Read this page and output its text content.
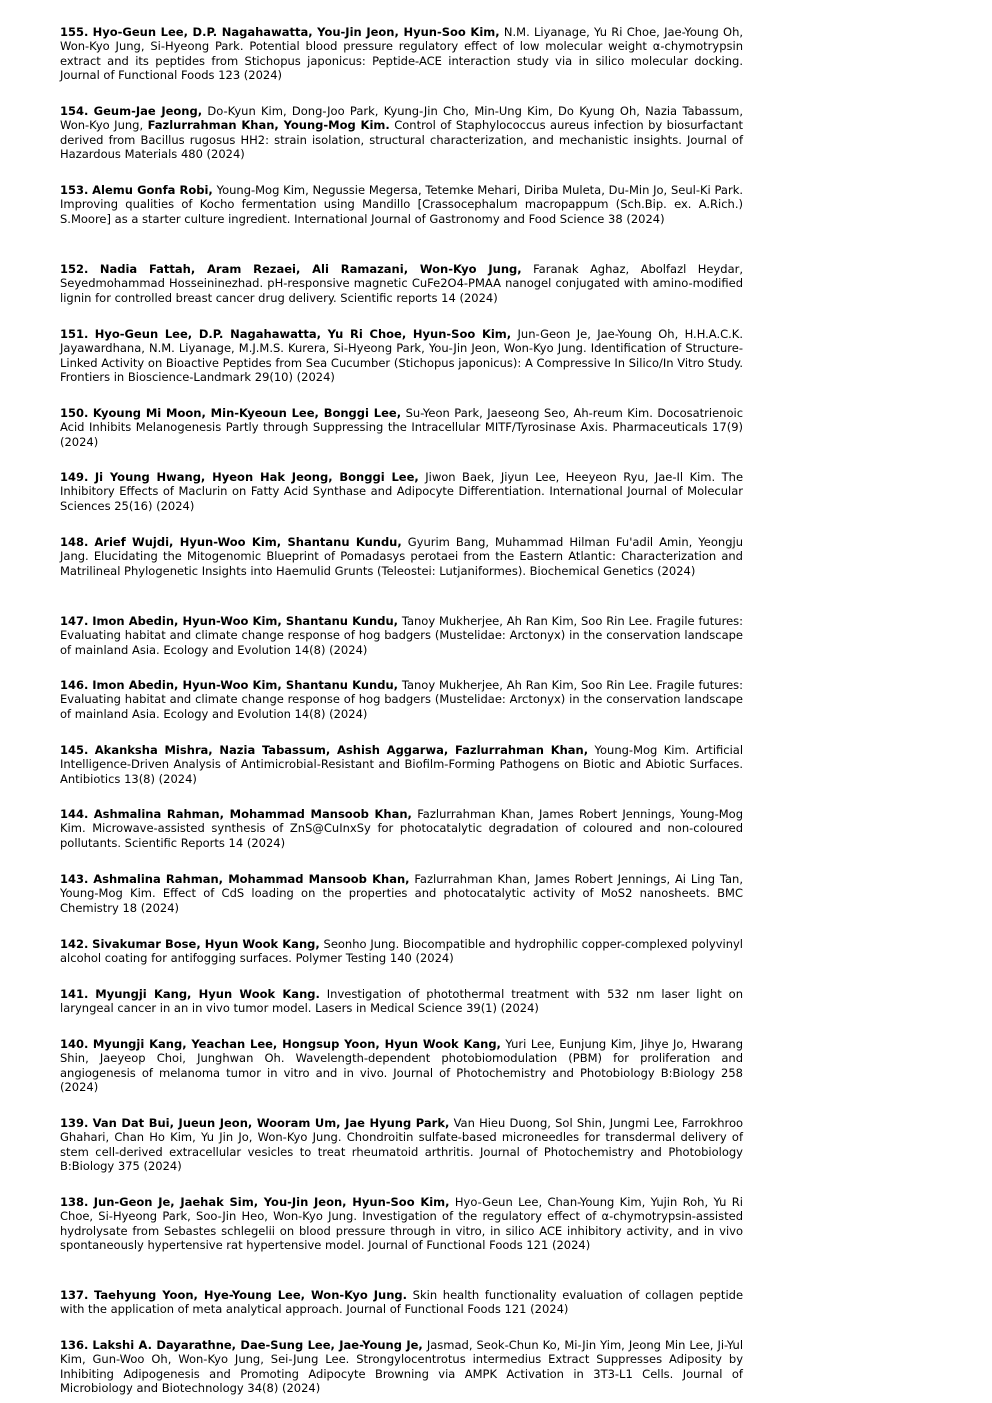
155. Hyo-Geun Lee, D.P. Nagahawatta, You-Jin Jeon, Hyun-Soo Kim, N.M. Liyanage, Yu Ri Choe, Jae-Young Oh, Won-Kyo Jung, Si-Hyeong Park. Potential blood pressure regulatory effect of low molecular weight α-chymotrypsin extract and its peptides from Stichopus japonicus: Peptide-ACE interaction study via in silico molecular docking. Journal of Functional Foods 123 (2024)

154. Geum-Jae Jeong, Do-Kyun Kim, Dong-Joo Park, Kyung-Jin Cho, Min-Ung Kim, Do Kyung Oh, Nazia Tabassum, Won-Kyo Jung, Fazlurrahman Khan, Young-Mog Kim. Control of Staphylococcus aureus infection by biosurfactant derived from Bacillus rugosus HH2: strain isolation, structural characterization, and mechanistic insights. Journal of Hazardous Materials 480 (2024)

153. Alemu Gonfa Robi, Young-Mog Kim, Negussie Megersa, Tetemke Mehari, Diriba Muleta, Du-Min Jo, Seul-Ki Park. Improving qualities of Kocho fermentation using Mandillo [Crassocephalum macropappum (Sch.Bip. ex. A.Rich.) S.Moore] as a starter culture ingredient. International Journal of Gastronomy and Food Science 38 (2024)

152. Nadia Fattah, Aram Rezaei, Ali Ramazani, Won-Kyo Jung, Faranak Aghaz, Abolfazl Heydar, Seyedmohammad Hosseininezhad. pH-responsive magnetic CuFe2O4-PMAA nanogel conjugated with amino-modified lignin for controlled breast cancer drug delivery. Scientific reports 14 (2024)

151. Hyo-Geun Lee, D.P. Nagahawatta, Yu Ri Choe, Hyun-Soo Kim, Jun-Geon Je, Jae-Young Oh, H.H.A.C.K. Jayawardhana, N.M. Liyanage, M.J.M.S. Kurera, Si-Hyeong Park, You-Jin Jeon, Won-Kyo Jung. Identification of Structure-Linked Activity on Bioactive Peptides from Sea Cucumber (Stichopus japonicus): A Compressive In Silico/In Vitro Study. Frontiers in Bioscience-Landmark 29(10) (2024)

150. Kyoung Mi Moon, Min-Kyeoun Lee, Bonggi Lee, Su-Yeon Park, Jaeseong Seo, Ah-reum Kim. Docosatrienoic Acid Inhibits Melanogenesis Partly through Suppressing the Intracellular MITF/Tyrosinase Axis. Pharmaceuticals 17(9) (2024)

149. Ji Young Hwang, Hyeon Hak Jeong, Bonggi Lee, Jiwon Baek, Jiyun Lee, Heeyeon Ryu, Jae-Il Kim. The Inhibitory Effects of Maclurin on Fatty Acid Synthase and Adipocyte Differentiation. International Journal of Molecular Sciences 25(16) (2024)

148. Arief Wujdi, Hyun-Woo Kim, Shantanu Kundu, Gyurim Bang, Muhammad Hilman Fu'adil Amin, Yeongju Jang. Elucidating the Mitogenomic Blueprint of Pomadasys perotaei from the Eastern Atlantic: Characterization and Matrilineal Phylogenetic Insights into Haemulid Grunts (Teleostei: Lutjaniformes). Biochemical Genetics (2024)

147. Imon Abedin, Hyun-Woo Kim, Shantanu Kundu, Tanoy Mukherjee, Ah Ran Kim, Soo Rin Lee. Fragile futures: Evaluating habitat and climate change response of hog badgers (Mustelidae: Arctonyx) in the conservation landscape of mainland Asia. Ecology and Evolution 14(8) (2024)

146. Imon Abedin, Hyun-Woo Kim, Shantanu Kundu, Tanoy Mukherjee, Ah Ran Kim, Soo Rin Lee. Fragile futures: Evaluating habitat and climate change response of hog badgers (Mustelidae: Arctonyx) in the conservation landscape of mainland Asia. Ecology and Evolution 14(8) (2024)

145. Akanksha Mishra, Nazia Tabassum, Ashish Aggarwa, Fazlurrahman Khan, Young-Mog Kim. Artificial Intelligence-Driven Analysis of Antimicrobial-Resistant and Biofilm-Forming Pathogens on Biotic and Abiotic Surfaces. Antibiotics 13(8) (2024)

144. Ashmalina Rahman, Mohammad Mansoob Khan, Fazlurrahman Khan, James Robert Jennings, Young-Mog Kim. Microwave-assisted synthesis of ZnS@CuInxSy for photocatalytic degradation of coloured and non-coloured pollutants. Scientific Reports 14 (2024)

143. Ashmalina Rahman, Mohammad Mansoob Khan, Fazlurrahman Khan, James Robert Jennings, Ai Ling Tan, Young-Mog Kim. Effect of CdS loading on the properties and photocatalytic activity of MoS2 nanosheets. BMC Chemistry 18 (2024)

142. Sivakumar Bose, Hyun Wook Kang, Seonho Jung. Biocompatible and hydrophilic copper-complexed polyvinyl alcohol coating for antifogging surfaces. Polymer Testing 140 (2024)

141. Myungji Kang, Hyun Wook Kang. Investigation of photothermal treatment with 532 nm laser light on laryngeal cancer in an in vivo tumor model. Lasers in Medical Science 39(1) (2024)

140. Myungji Kang, Yeachan Lee, Hongsup Yoon, Hyun Wook Kang, Yuri Lee, Eunjung Kim, Jihye Jo, Hwarang Shin, Jaeyeop Choi, Junghwan Oh. Wavelength-dependent photobiomodulation (PBM) for proliferation and angiogenesis of melanoma tumor in vitro and in vivo. Journal of Photochemistry and Photobiology B:Biology 258 (2024)

139. Van Dat Bui, Jueun Jeon, Wooram Um, Jae Hyung Park, Van Hieu Duong, Sol Shin, Jungmi Lee, Farrokhroo Ghahari, Chan Ho Kim, Yu Jin Jo, Won-Kyo Jung. Chondroitin sulfate-based microneedles for transdermal delivery of stem cell-derived extracellular vesicles to treat rheumatoid arthritis. Journal of Photochemistry and Photobiology B:Biology 375 (2024)

138. Jun-Geon Je, Jaehak Sim, You-Jin Jeon, Hyun-Soo Kim, Hyo-Geun Lee, Chan-Young Kim, Yujin Roh, Yu Ri Choe, Si-Hyeong Park, Soo-Jin Heo, Won-Kyo Jung. Investigation of the regulatory effect of α-chymotrypsin-assisted hydrolysate from Sebastes schlegelii on blood pressure through in vitro, in silico ACE inhibitory activity, and in vivo spontaneously hypertensive rat hypertensive model. Journal of Functional Foods 121 (2024)

137. Taehyung Yoon, Hye-Young Lee, Won-Kyo Jung. Skin health functionality evaluation of collagen peptide with the application of meta analytical approach. Journal of Functional Foods 121 (2024)

136. Lakshi A. Dayarathne, Dae-Sung Lee, Jae-Young Je, Jasmad, Seok-Chun Ko, Mi-Jin Yim, Jeong Min Lee, Ji-Yul Kim, Gun-Woo Oh, Won-Kyo Jung, Sei-Jung Lee. Strongylocentrotus intermedius Extract Suppresses Adiposity by Inhibiting Adipogenesis and Promoting Adipocyte Browning via AMPK Activation in 3T3-L1 Cells. Journal of Microbiology and Biotechnology 34(8) (2024)
